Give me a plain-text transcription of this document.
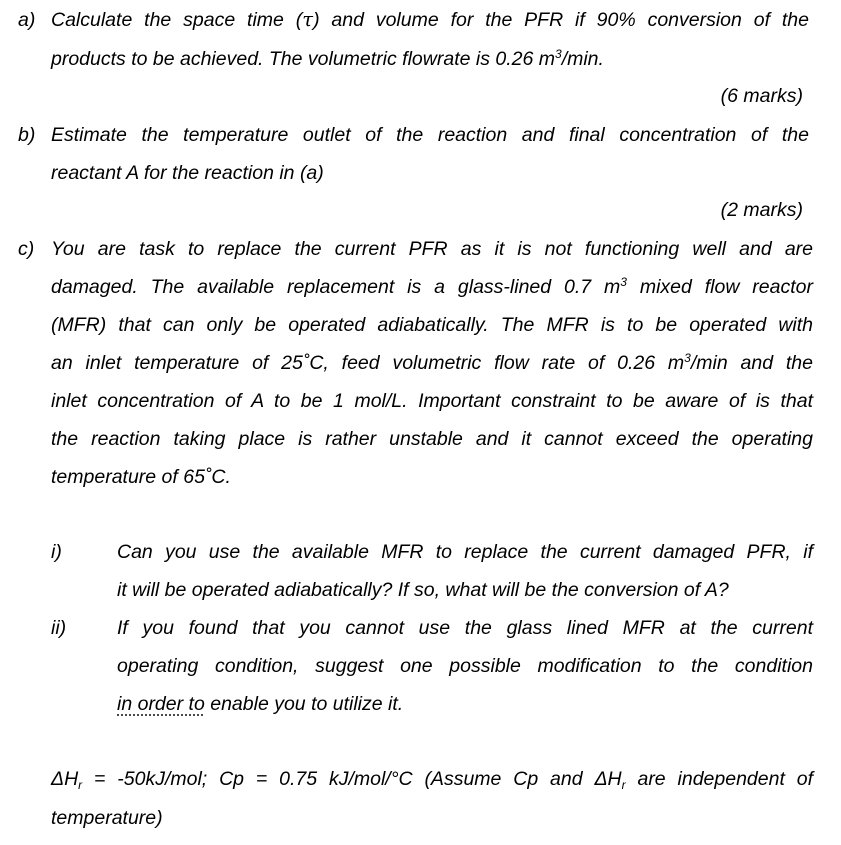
a) Calculate the space time (τ) and volume for the PFR if 90% conversion of the
products to be achieved. The volumetric flowrate is 0.26 $m^3/\min$.
(6 marks)
b) Estimate the temperature outlet of the reaction and final concentration of the
reactant A for the reaction in (a)
(2 marks)
c) You are task to replace the current PFR as it is not functioning well and are
damaged. The available replacement is a glass-lined 0.7 $m^3$ mixed flow reactor
(MFR) that can only be operated adiabatically. The MFR is to be operated with
an inlet temperature of 25˚C, feed volumetric flow rate of 0.26 $m^3/\min$ and the
inlet concentration of A to be 1 mol/L. Important constraint to be aware of is that
the reaction taking place is rather unstable and it cannot exceed the operating
temperature of 65˚C.
i)	Can you use the available MFR to replace the current damaged PFR, if
it will be operated adiabatically? If so, what will be the conversion of A?
ii)	If you found that you cannot use the glass lined MFR at the current
operating condition, suggest one possible modification to the condition
in order to enable you to utilize it.
$\Delta H_r = -50kJ/mol$; Cp = 0.75 kJ/mol/°C (Assume Cp and $\Delta H_r$ are independent of
temperature)
